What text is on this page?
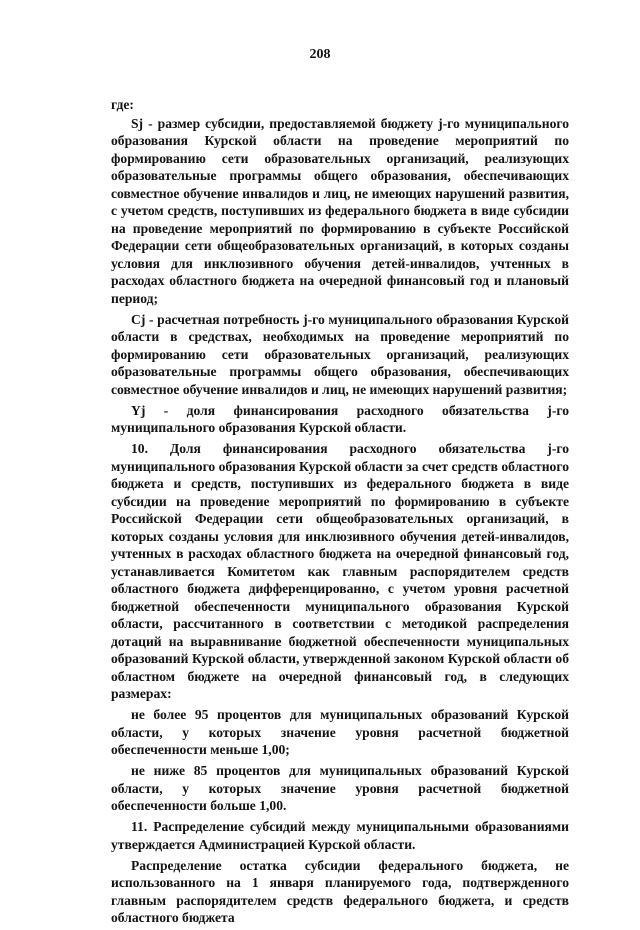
208

где:

Sj - размер субсидии, предоставляемой бюджету j-го муниципального образования Курской области на проведение мероприятий по формированию сети образовательных организаций, реализующих образовательные программы общего образования, обеспечивающих совместное обучение инвалидов и лиц, не имеющих нарушений развития, с учетом средств, поступивших из федерального бюджета в виде субсидии на проведение мероприятий по формированию в субъекте Российской Федерации сети общеобразовательных организаций, в которых созданы условия для инклюзивного обучения детей-инвалидов, учтенных в расходах областного бюджета на очередной финансовый год и плановый период;

Cj - расчетная потребность j-го муниципального образования Курской области в средствах, необходимых на проведение мероприятий по формированию сети образовательных организаций, реализующих образовательные программы общего образования, обеспечивающих совместное обучение инвалидов и лиц, не имеющих нарушений развития;

Yj - доля финансирования расходного обязательства j-го муниципального образования Курской области.

10. Доля финансирования расходного обязательства j-го муниципального образования Курской области за счет средств областного бюджета и средств, поступивших из федерального бюджета в виде субсидии на проведение мероприятий по формированию в субъекте Российской Федерации сети общеобразовательных организаций, в которых созданы условия для инклюзивного обучения детей-инвалидов, учтенных в расходах областного бюджета на очередной финансовый год, устанавливается Комитетом как главным распорядителем средств областного бюджета дифференцированно, с учетом уровня расчетной бюджетной обеспеченности муниципального образования Курской области, рассчитанного в соответствии с методикой распределения дотаций на выравнивание бюджетной обеспеченности муниципальных образований Курской области, утвержденной законом Курской области об областном бюджете на очередной финансовый год, в следующих размерах:

не более 95 процентов для муниципальных образований Курской области, у которых значение уровня расчетной бюджетной обеспеченности меньше 1,00;

не ниже 85 процентов для муниципальных образований Курской области, у которых значение уровня расчетной бюджетной обеспеченности больше 1,00.

11. Распределение субсидий между муниципальными образованиями утверждается Администрацией Курской области.

Распределение остатка субсидии федерального бюджета, не использованного на 1 января планируемого года, подтвержденного главным распорядителем средств федерального бюджета, и средств областного бюджета
